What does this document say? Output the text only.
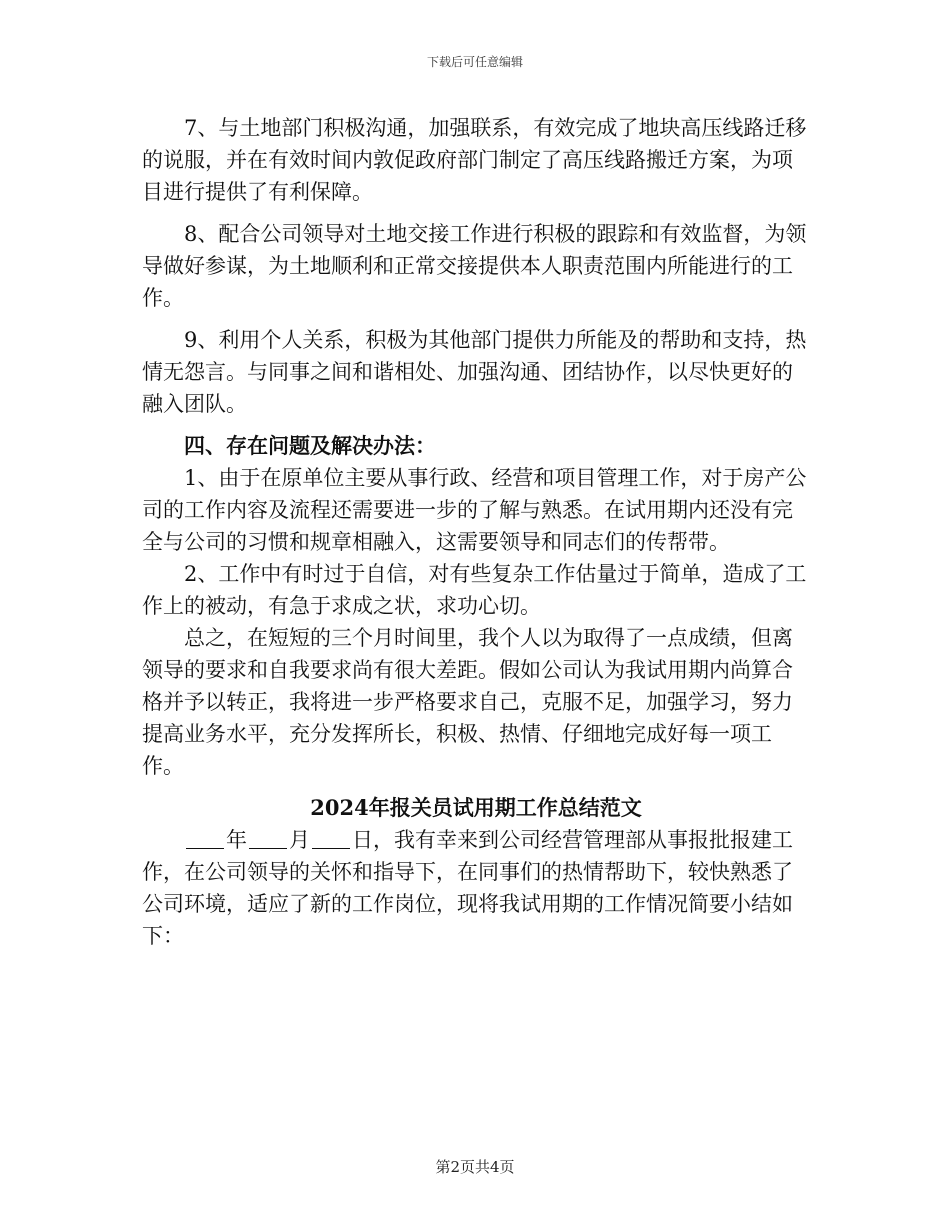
下载后可任意编辑

7、与土地部门积极沟通，加强联系，有效完成了地块高压线路迁移的说服，并在有效时间内敦促政府部门制定了高压线路搬迁方案，为项目进行提供了有利保障。

8、配合公司领导对土地交接工作进行积极的跟踪和有效监督，为领导做好参谋，为土地顺利和正常交接提供本人职责范围内所能进行的工作。

9、利用个人关系，积极为其他部门提供力所能及的帮助和支持，热情无怨言。与同事之间和谐相处、加强沟通、团结协作，以尽快更好的融入团队。

四、存在问题及解决办法：

1、由于在原单位主要从事行政、经营和项目管理工作，对于房产公司的工作内容及流程还需要进一步的了解与熟悉。在试用期内还没有完全与公司的习惯和规章相融入，这需要领导和同志们的传帮带。

2、工作中有时过于自信，对有些复杂工作估量过于简单，造成了工作上的被动，有急于求成之状，求功心切。

总之，在短短的三个月时间里，我个人以为取得了一点成绩，但离领导的要求和自我要求尚有很大差距。假如公司认为我试用期内尚算合格并予以转正，我将进一步严格要求自己，克服不足，加强学习，努力提高业务水平，充分发挥所长，积极、热情、仔细地完成好每一项工作。

2024年报关员试用期工作总结范文

年 月 日，我有幸来到公司经营管理部从事报批报建工作，在公司领导的关怀和指导下，在同事们的热情帮助下，较快熟悉了公司环境，适应了新的工作岗位，现将我试用期的工作情况简要小结如下：

第2页共4页
